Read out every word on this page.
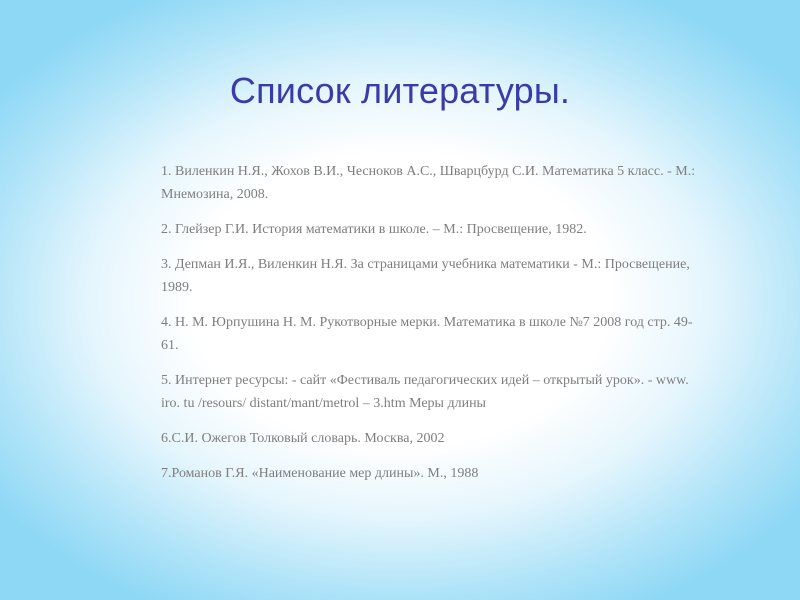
Список литературы.
1. Виленкин Н.Я., Жохов В.И., Чесноков А.С., Шварцбурд С.И. Математика 5 класс. - М.: Мнемозина, 2008.
2. Глейзер Г.И. История математики в школе. – М.: Просвещение, 1982.
3. Депман И.Я., Виленкин Н.Я. За страницами учебника математики - М.: Просвещение, 1989.
4. Н. М. Юрпушина Н. М. Рукотворные мерки. Математика в школе №7 2008 год стр. 49- 61.
5. Интернет ресурсы: - сайт «Фестиваль педагогических идей – открытый урок». - www. iro. tu /resours/ distant/mant/metrol – 3.htm Меры длины
6.С.И. Ожегов Толковый словарь. Москва, 2002
7.Романов Г.Я. «Наименование мер длины». М., 1988
